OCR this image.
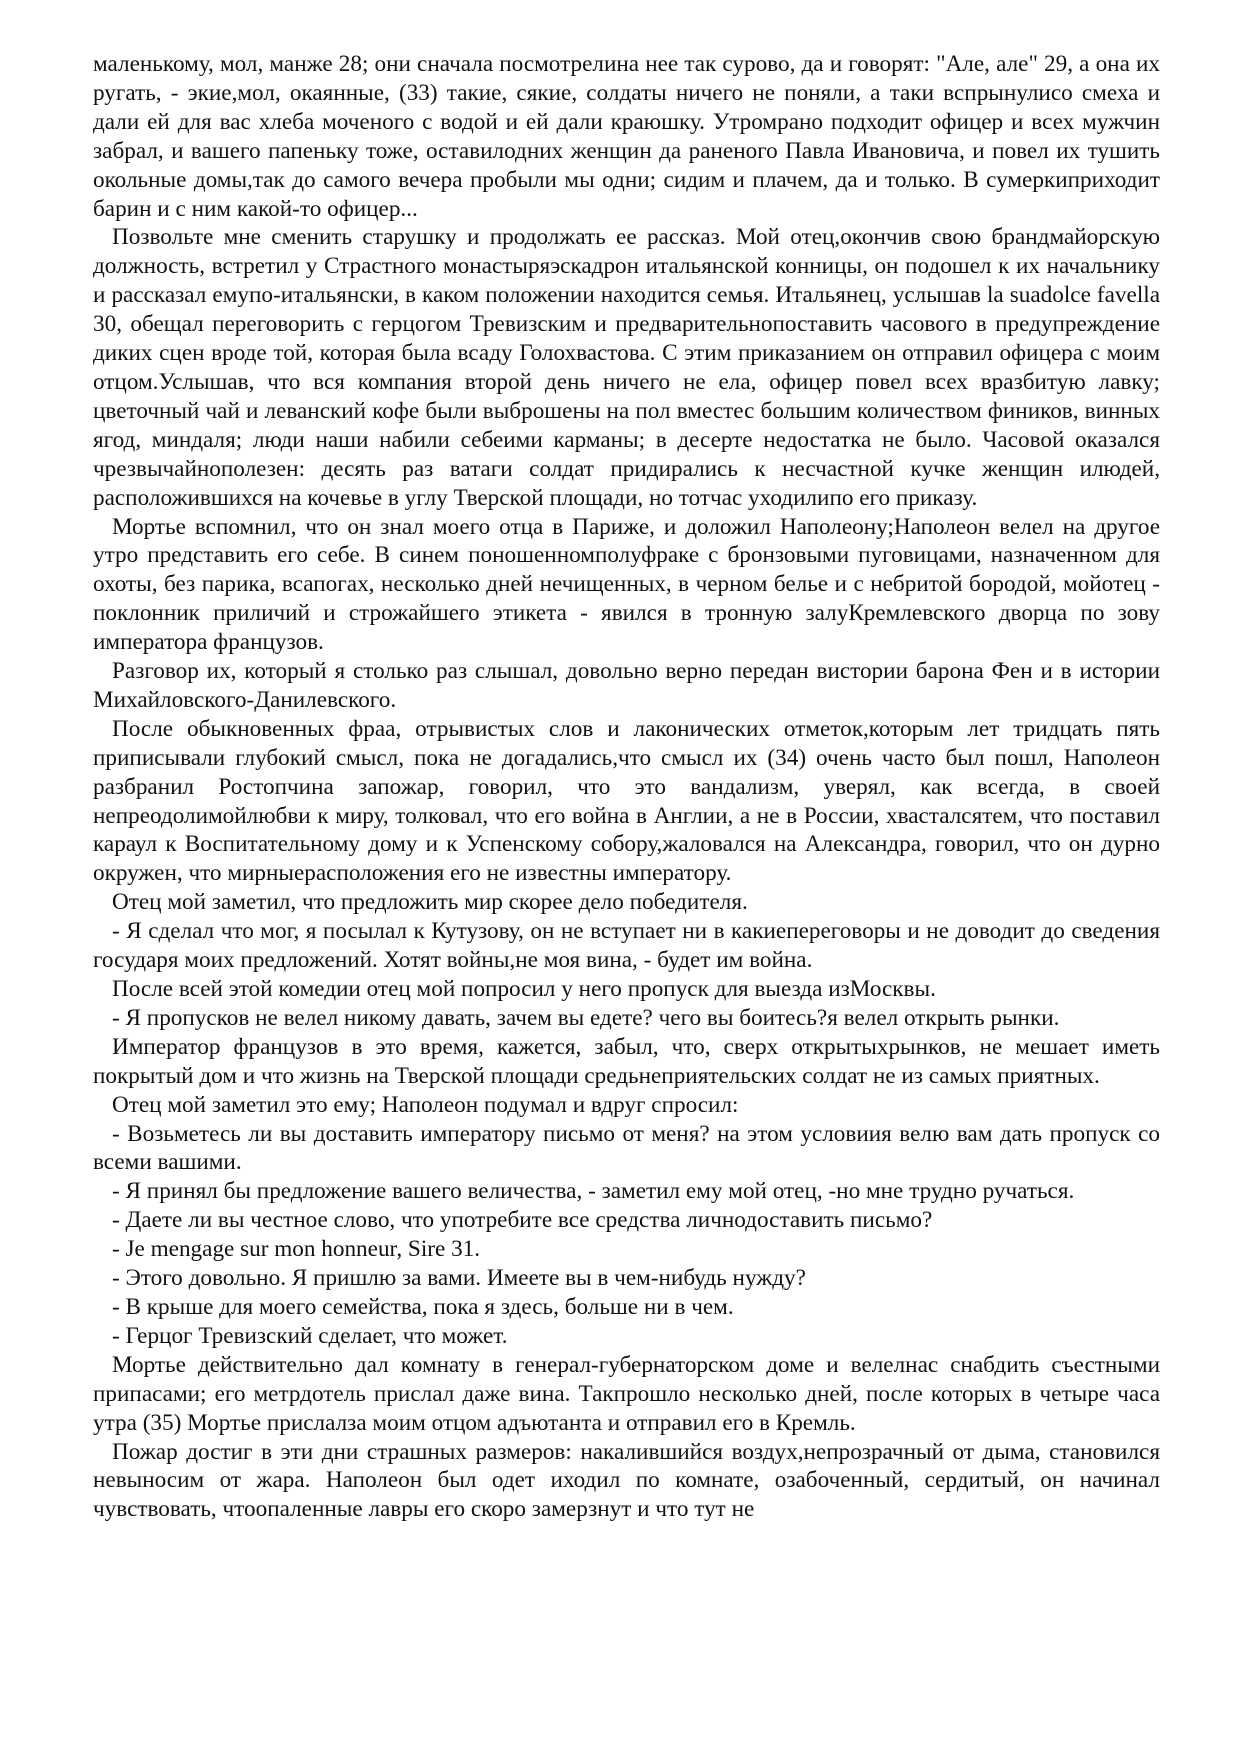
маленькому, мол, манже 28; они сначала посмотрелина нее так сурово, да и говорят: "Але, але" 29, а она их ругать, - экие,мол, окаянные, (33) такие, сякие, солдаты ничего не поняли, а таки вспрынулисо смеха и дали ей для вас хлеба моченого с водой и ей дали краюшку. Утромрано подходит офицер и всех мужчин забрал, и вашего папеньку тоже, оставилодних женщин да раненого Павла Ивановича, и повел их тушить окольные домы,так до самого вечера пробыли мы одни; сидим и плачем, да и только. В сумеркиприходит барин и с ним какой-то офицер...

Позвольте мне сменить старушку и продолжать ее рассказ. Мой отец,окончив свою брандмайорскую должность, встретил у Страстного монастыряэскадрон итальянской конницы, он подошел к их начальнику и рассказал емупо-итальянски, в каком положении находится семья. Итальянец, услышав la suadolce favella 30, обещал переговорить с герцогом Тревизским и предварительнопоставить часового в предупреждение диких сцен вроде той, которая была всаду Голохвастова. С этим приказанием он отправил офицера с моим отцом.Услышав, что вся компания второй день ничего не ела, офицер повел всех вразбитую лавку; цветочный чай и леванский кофе были выброшены на пол вместес большим количеством фиников, винных ягод, миндаля; люди наши набили себеими карманы; в десерте недостатка не было. Часовой оказался чрезвычайнополезен: десять раз ватаги солдат придирались к несчастной кучке женщин илюдей, расположившихся на кочевье в углу Тверской площади, но тотчас уходилипо его приказу.

Мортье вспомнил, что он знал моего отца в Париже, и доложил Наполеону;Наполеон велел на другое утро представить его себе. В синем поношенномполуфраке с бронзовыми пуговицами, назначенном для охоты, без парика, всапогах, несколько дней нечищенных, в черном белье и с небритой бородой, мойотец - поклонник приличий и строжайшего этикета - явился в тронную залуКремлевского дворца по зову императора французов.

Разговор их, который я столько раз слышал, довольно верно передан вистории барона Фен и в истории Михайловского-Данилевского.

После обыкновенных фраа, отрывистых слов и лаконических отметок,которым лет тридцать пять приписывали глубокий смысл, пока не догадались,что смысл их (34) очень часто был пошл, Наполеон разбранил Ростопчина запожар, говорил, что это вандализм, уверял, как всегда, в своей непреодолимойлюбви к миру, толковал, что его война в Англии, а не в России, хвасталсятем, что поставил караул к Воспитательному дому и к Успенскому собору,жаловался на Александра, говорил, что он дурно окружен, что мирныерасположения его не известны императору.

Отец мой заметил, что предложить мир скорее дело победителя.

- Я сделал что мог, я посылал к Кутузову, он не вступает ни в какиепереговоры и не доводит до сведения государя моих предложений. Хотят войны,не моя вина, - будет им война.

После всей этой комедии отец мой попросил у него пропуск для выезда изМосквы.

- Я пропусков не велел никому давать, зачем вы едете? чего вы боитесь?я велел открыть рынки.

Император французов в это время, кажется, забыл, что, сверх открытыхрынков, не мешает иметь покрытый дом и что жизнь на Тверской площади средьнеприятельских солдат не из самых приятных.

Отец мой заметил это ему; Наполеон подумал и вдруг спросил:

- Возьметесь ли вы доставить императору письмо от меня? на этом условиия велю вам дать пропуск со всеми вашими.

- Я принял бы предложение вашего величества, - заметил ему мой отец, -но мне трудно ручаться.

- Даете ли вы честное слово, что употребите все средства личнодоставить письмо?

- Je mengage sur mon honneur, Sire 31.

- Этого довольно. Я пришлю за вами. Имеете вы в чем-нибудь нужду?

- В крыше для моего семейства, пока я здесь, больше ни в чем.

- Герцог Тревизский сделает, что может.

Мортье действительно дал комнату в генерал-губернаторском доме и велелнас снабдить съестными припасами; его метрдотель прислал даже вина. Такпрошло несколько дней, после которых в четыре часа утра (35) Мортье прислалза моим отцом адъютанта и отправил его в Кремль.

Пожар достиг в эти дни страшных размеров: накалившийся воздух,непрозрачный от дыма, становился невыносим от жара. Наполеон был одет иходил по комнате, озабоченный, сердитый, он начинал чувствовать, чтоопаленные лавры его скоро замерзнут и что тут не
